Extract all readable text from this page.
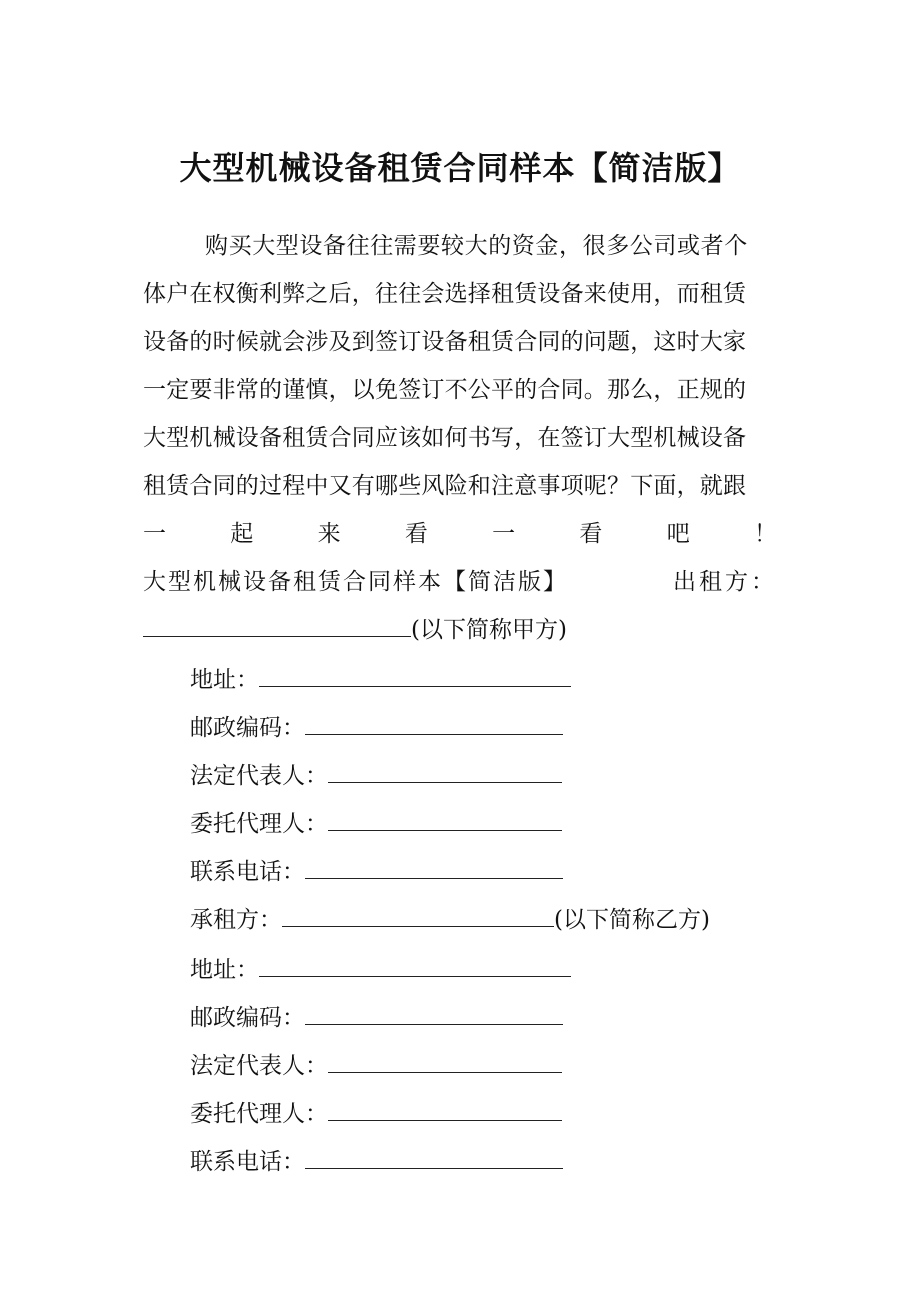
大型机械设备租赁合同样本【简洁版】
购买大型设备往往需要较大的资金，很多公司或者个
体户在权衡利弊之后，往往会选择租赁设备来使用，而租赁
设备的时候就会涉及到签订设备租赁合同的问题，这时大家
一定要非常的谨慎，以免签订不公平的合同。那么，正规的
大型机械设备租赁合同应该如何书写，在签订大型机械设备
租赁合同的过程中又有哪些风险和注意事项呢？下面，就跟
一	起	来	看	一	看	吧	！
大型机械设备租赁合同样本【简洁版】	出租方：
(以下简称甲方)
地址：
邮政编码：
法定代表人：
委托代理人：
联系电话：
承租方：	(以下简称乙方)
地址：
邮政编码：
法定代表人：
委托代理人：
联系电话：
